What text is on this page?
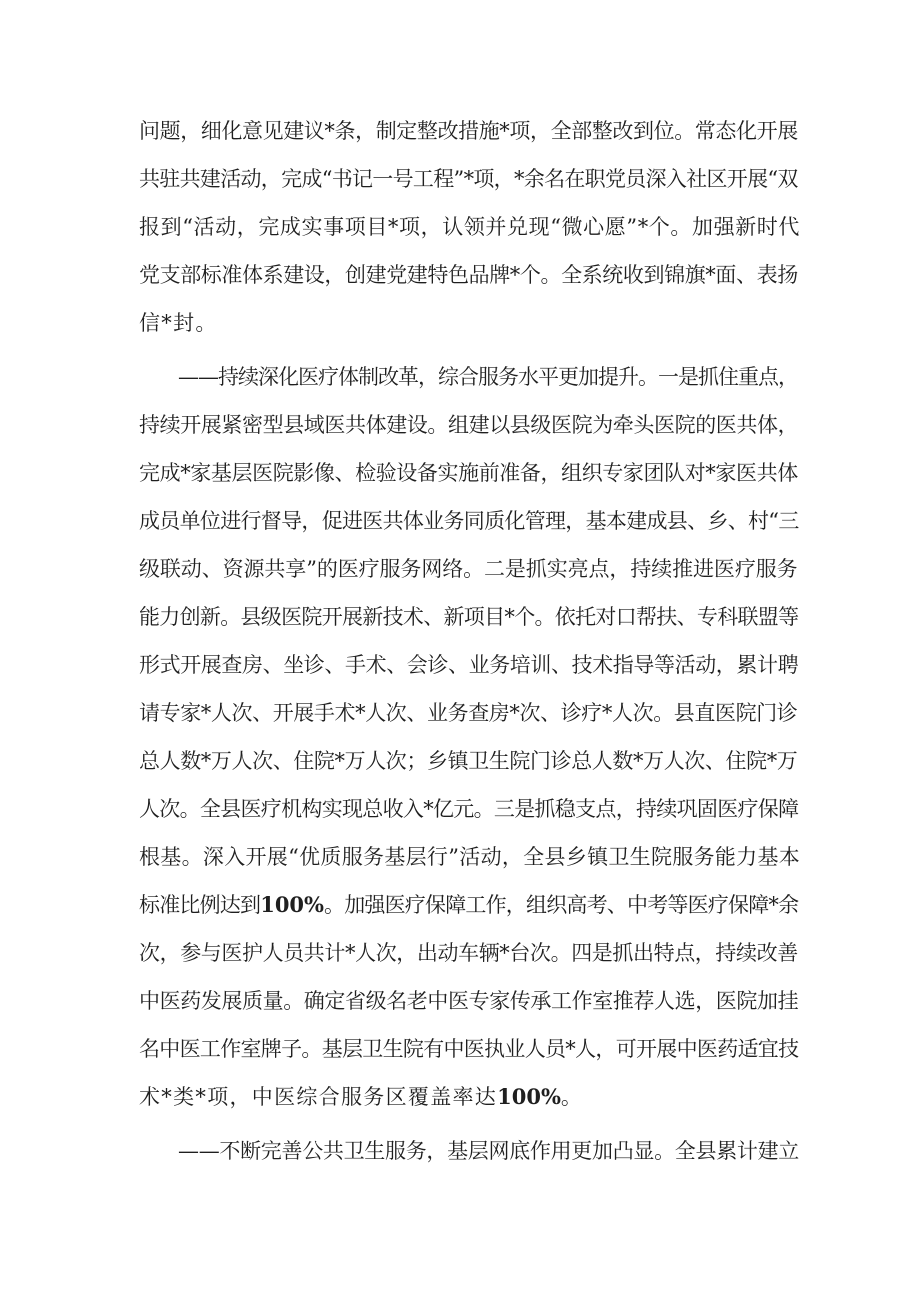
问题，细化意见建议*条，制定整改措施*项，全部整改到位。常态化开展
共驻共建活动，完成“书记一号工程”*项，*余名在职党员深入社区开展“双
报到“活动，完成实事项目*项，认领并兑现“微心愿”*个。加强新时代
党支部标准体系建设，创建党建特色品牌*个。全系统收到锦旗*面、表扬
信*封。
——持续深化医疗体制改革，综合服务水平更加提升。一是抓住重点，
持续开展紧密型县域医共体建设。组建以县级医院为牵头医院的医共体，
完成*家基层医院影像、检验设备实施前准备，组织专家团队对*家医共体
成员单位进行督导，促进医共体业务同质化管理，基本建成县、乡、村“三
级联动、资源共享”的医疗服务网络。二是抓实亮点，持续推进医疗服务
能力创新。县级医院开展新技术、新项目*个。依托对口帮扶、专科联盟等
形式开展查房、坐诊、手术、会诊、业务培训、技术指导等活动，累计聘
请专家*人次、开展手术*人次、业务查房*次、诊疗*人次。县直医院门诊
总人数*万人次、住院*万人次；乡镇卫生院门诊总人数*万人次、住院*万
人次。全县医疗机构实现总收入*亿元。三是抓稳支点，持续巩固医疗保障
根基。深入开展“优质服务基层行”活动，全县乡镇卫生院服务能力基本
标准比例达到100%。加强医疗保障工作，组织高考、中考等医疗保障*余
次，参与医护人员共计*人次，出动车辆*台次。四是抓出特点，持续改善
中医药发展质量。确定省级名老中医专家传承工作室推荐人选，医院加挂
名中医工作室牌子。基层卫生院有中医执业人员*人，可开展中医药适宜技
术*类*项，中医综合服务区覆盖率达100%。
——不断完善公共卫生服务，基层网底作用更加凸显。全县累计建立
